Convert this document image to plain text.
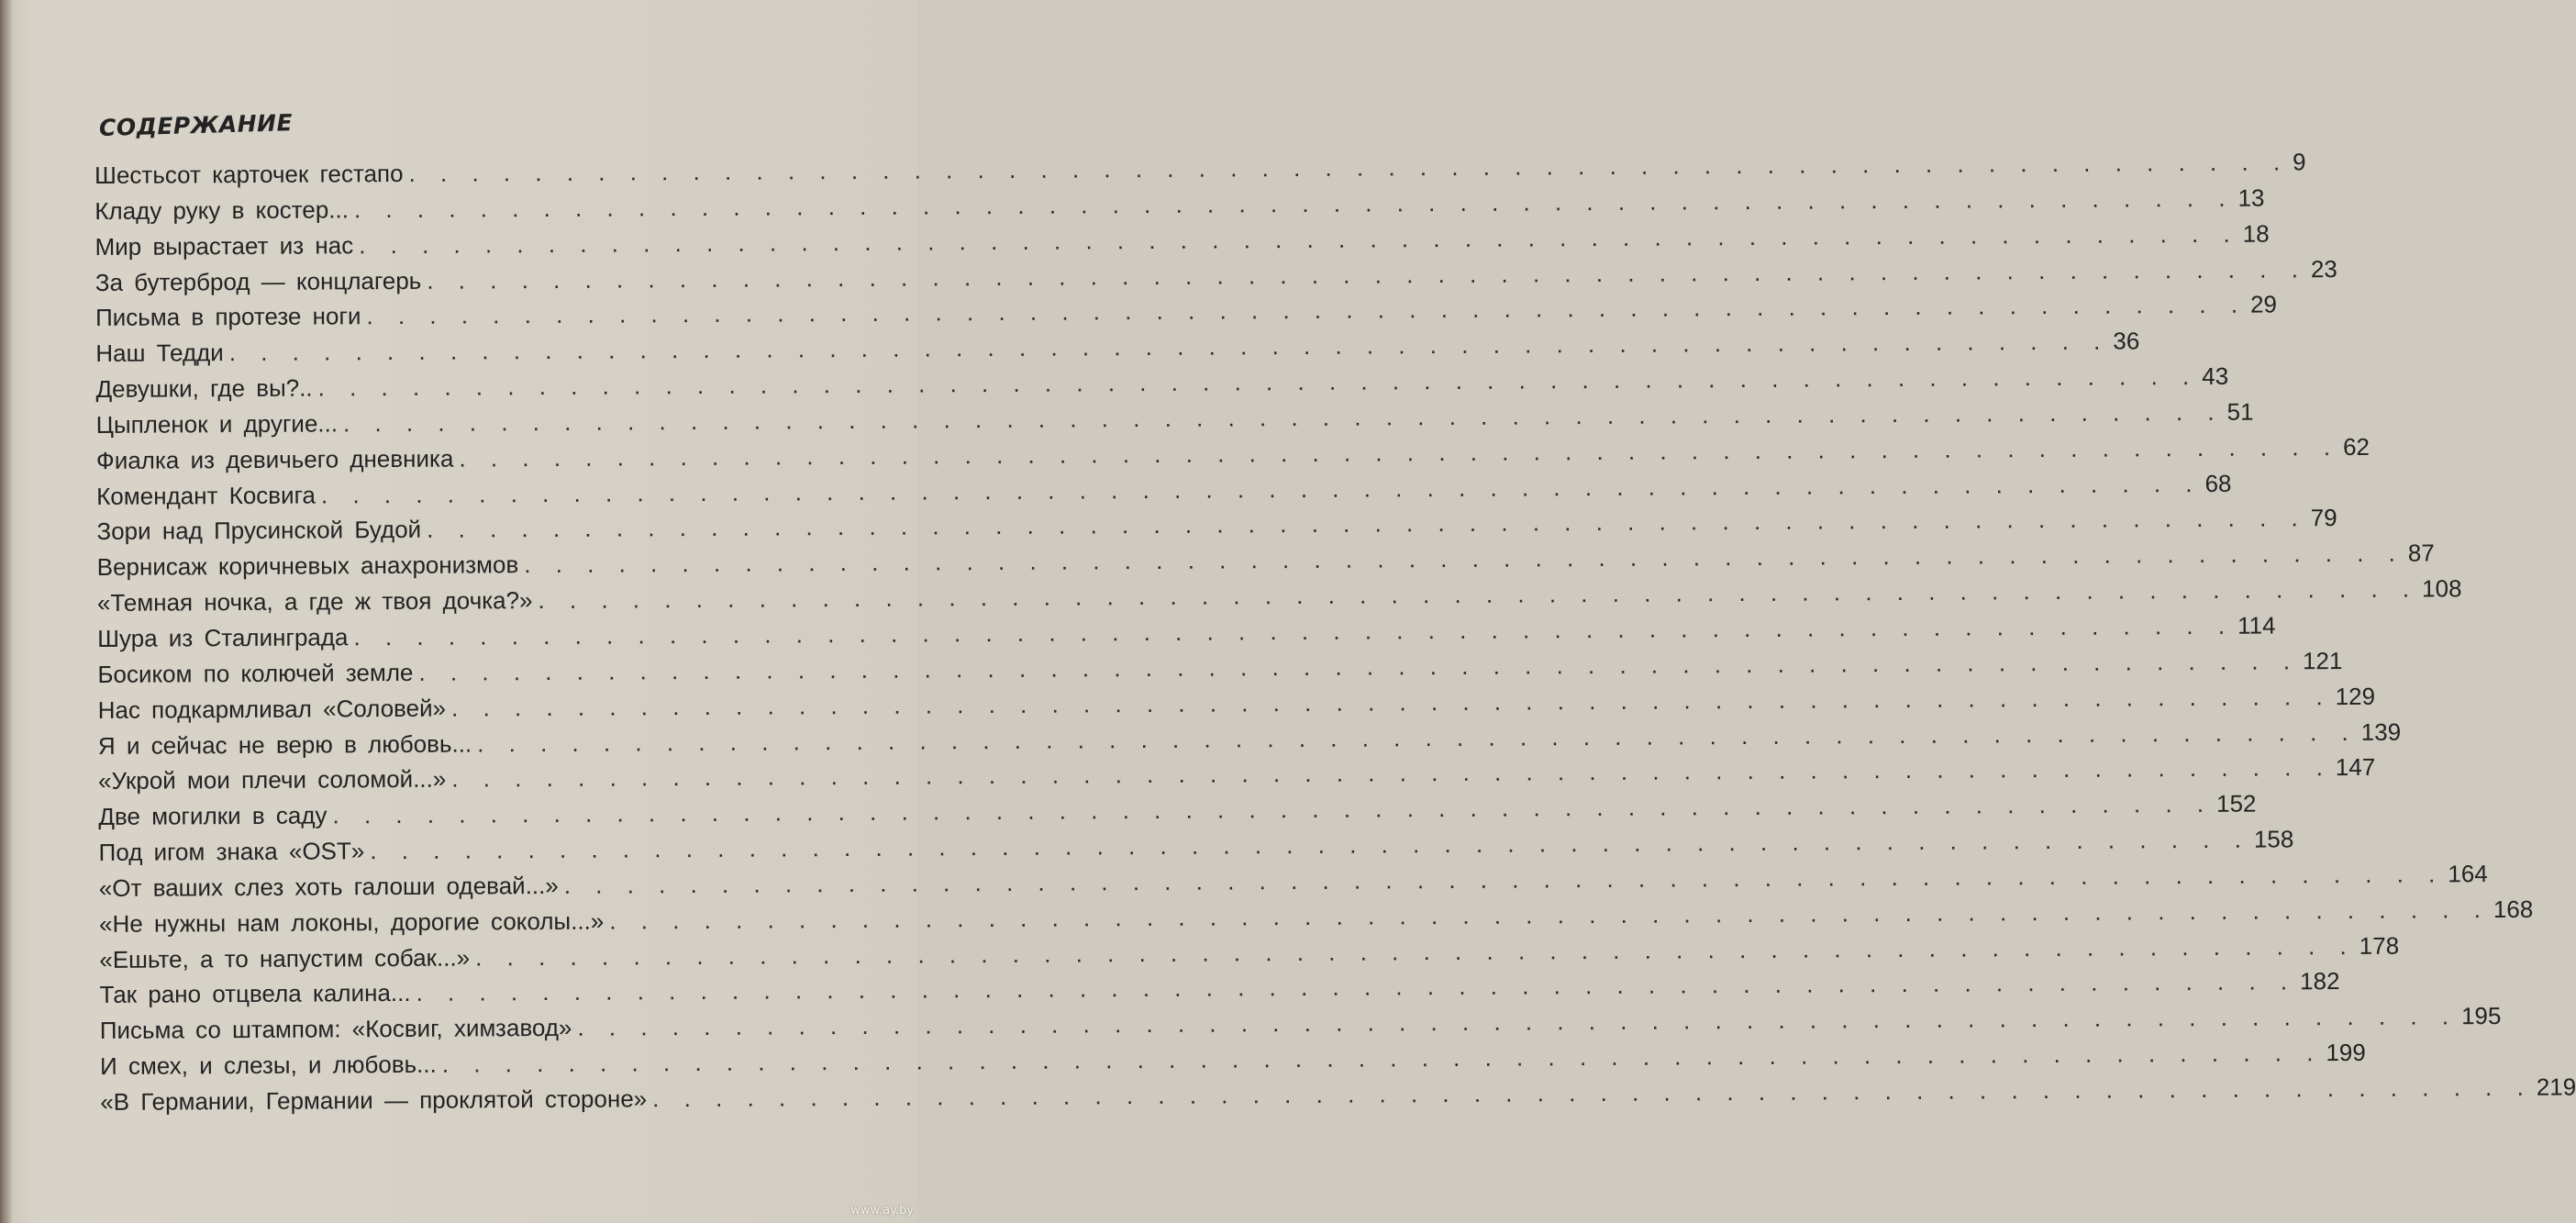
СОДЕРЖАНИЕ
Шестьсот карточек гестапо . . .	9
Кладу руку в костер... . . .	13
Мир вырастает из нас . . .	18
За бутерброд — концлагерь . . .	23
Письма в протезе ноги . . .	29
Наш Тедди . . .	36
Девушки, где вы?.. . . .	43
Цыпленок и другие... . . .	51
Фиалка из девичьего дневника . . .	62
Комендант Косвига . . .	68
Зори над Прусинской Будой . . .	79
Вернисаж коричневых анахронизмов . . .	87
«Темная ночка, а где ж твоя дочка?» . . .	108
Шура из Сталинграда . . .	114
Босиком по колючей земле . . .	121
Нас подкармливал «Соловей» . . .	129
Я и сейчас не верю в любовь... . . .	139
«Укрой мои плечи соломой...» . . .	147
Две могилки в саду . . .	152
Под игом знака «OST» . . .	158
«От ваших слез хоть галоши одевай...» . . .	164
«Не нужны нам локоны, дорогие соколы...» . . .	168
«Ешьте, а то напустим собак...» . . .	178
Так рано отцвела калина... . . .	182
Письма со штампом: «Косвиг, химзавод» . . .	195
И смех, и слезы, и любовь... . . .	199
«В Германии, Германии — проклятой стороне» . . .	219
www.ay.by
